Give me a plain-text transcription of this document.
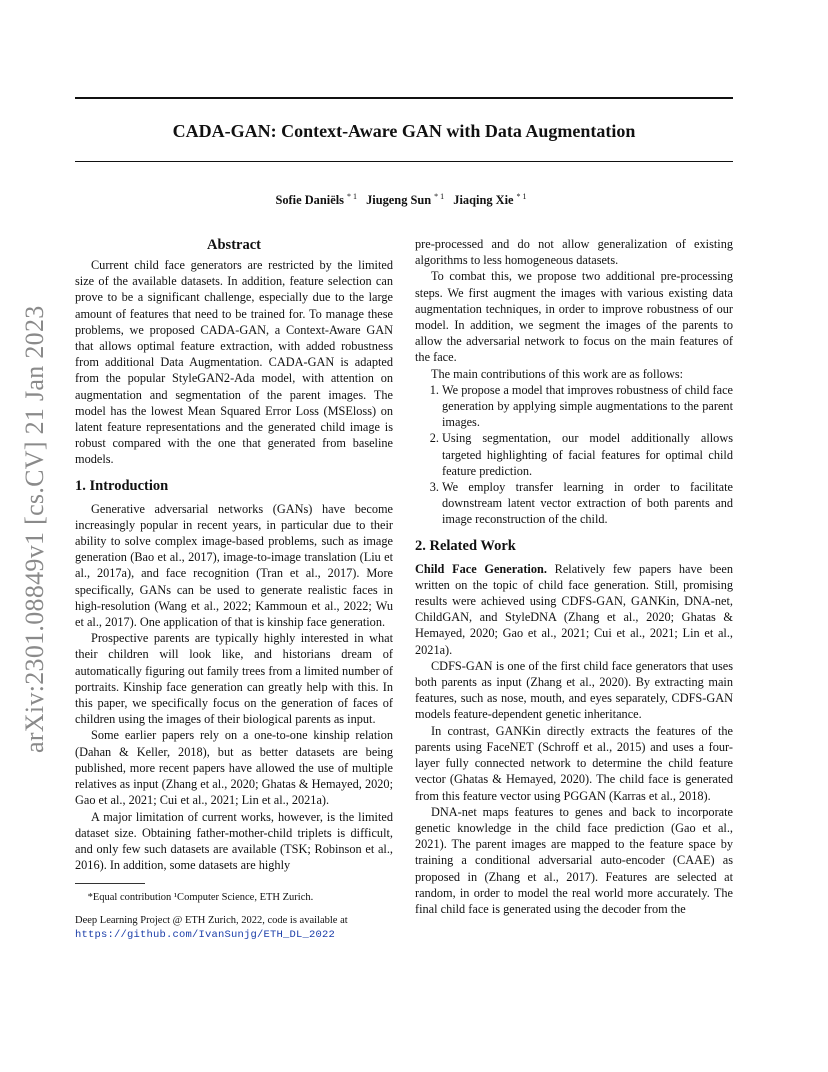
CADA-GAN: Context-Aware GAN with Data Augmentation
Sofie Daniëls $^{* 1}$ Jiugeng Sun $^{* 1}$ Jiaqing Xie $^{* 1}$
arXiv:2301.08849v1 [cs.CV] 21 Jan 2023
Abstract

Current child face generators are restricted by the limited size of the available datasets. In addition, feature selection can prove to be a significant challenge, especially due to the large amount of features that need to be trained for. To manage these problems, we proposed CADA-GAN, a Context-Aware GAN that allows optimal feature extraction, with added robustness from additional Data Augmentation. CADA-GAN is adapted from the popular StyleGAN2-Ada model, with attention on augmentation and segmentation of the parent images. The model has the lowest Mean Squared Error Loss (MSEloss) on latent feature representations and the generated child image is robust compared with the one that generated from baseline models.

1. Introduction

Generative adversarial networks (GANs) have become increasingly popular in recent years, in particular due to their ability to solve complex image-based problems, such as image generation (Bao et al., 2017), image-to-image translation (Liu et al., 2017a), and face recognition (Tran et al., 2017). More specifically, GANs can be used to generate realistic faces in high-resolution (Wang et al., 2022; Kammoun et al., 2022; Wu et al., 2017). One application of that is kinship face generation.

Prospective parents are typically highly interested in what their children will look like, and historians dream of automatically figuring out family trees from a limited number of portraits. Kinship face generation can greatly help with this. In this paper, we specifically focus on the generation of faces of children using the images of their biological parents as input.

Some earlier papers rely on a one-to-one kinship relation (Dahan & Keller, 2018), but as better datasets are being published, more recent papers have allowed the use of multiple relatives as input (Zhang et al., 2020; Ghatas & Hemayed, 2020; Gao et al., 2021; Cui et al., 2021; Lin et al., 2021a).

A major limitation of current works, however, is the limited dataset size. Obtaining father-mother-child triplets is difficult, and only few such datasets are available (TSK; Robinson et al., 2016). In addition, some datasets are highly

*Equal contribution ¹Computer Science, ETH Zurich.
Deep Learning Project @ ETH Zurich, 2022, code is available at
https://github.com/IvanSunjg/ETH_DL_2022

pre-processed and do not allow generalization of existing algorithms to less homogeneous datasets.

To combat this, we propose two additional pre-processing steps. We first augment the images with various existing data augmentation techniques, in order to improve robustness of our model. In addition, we segment the images of the parents to allow the adversarial network to focus on the main features of the face.

The main contributions of this work are as follows:

1. We propose a model that improves robustness of child face generation by applying simple augmentations to the parent images.
2. Using segmentation, our model additionally allows targeted highlighting of facial features for optimal child feature prediction.
3. We employ transfer learning in order to facilitate downstream latent vector extraction of both parents and image reconstruction of the child.
2. Related Work

Child Face Generation. Relatively few papers have been written on the topic of child face generation. Still, promising results were achieved using CDFS-GAN, GANKin, DNA-net, ChildGAN, and StyleDNA (Zhang et al., 2020; Ghatas & Hemayed, 2020; Gao et al., 2021; Cui et al., 2021; Lin et al., 2021a).

CDFS-GAN is one of the first child face generators that uses both parents as input (Zhang et al., 2020). By extracting main features, such as nose, mouth, and eyes separately, CDFS-GAN models feature-dependent genetic inheritance.

In contrast, GANKin directly extracts the features of the parents using FaceNET (Schroff et al., 2015) and uses a four-layer fully connected network to determine the child feature vector (Ghatas & Hemayed, 2020). The child face is generated from this feature vector using PGGAN (Karras et al., 2018).

DNA-net maps features to genes and back to incorporate genetic knowledge in the child face prediction (Gao et al., 2021). The parent images are mapped to the feature space by training a conditional adversarial auto-encoder (CAAE) as proposed in (Zhang et al., 2017). Features are selected at random, in order to model the real world more accurately. The final child face is generated using the decoder from the
